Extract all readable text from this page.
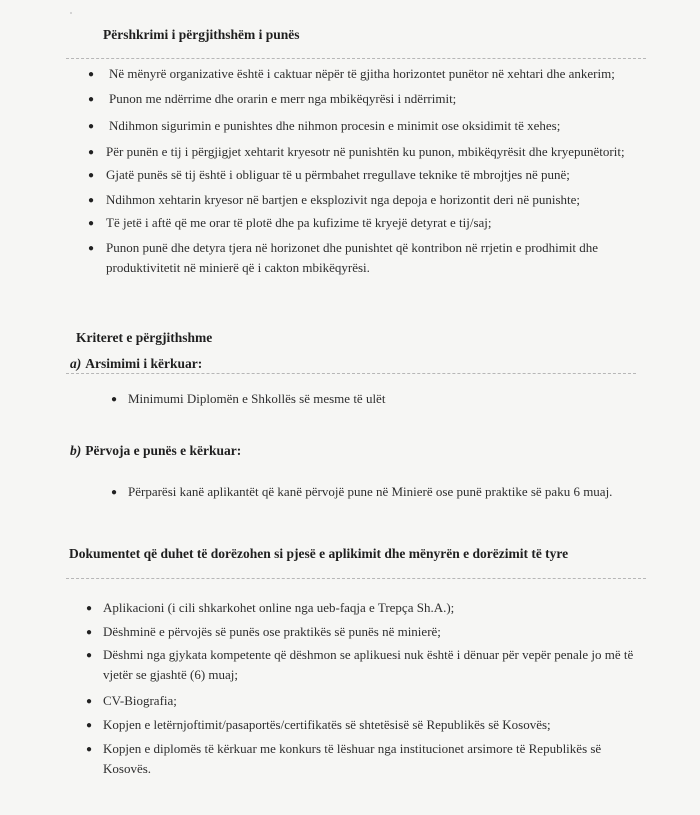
Përshkrimi i përgjithshëm i punës
● Në mënyrë organizative është i caktuar nëpër të gjitha horizontet punëtor në xehtari dhe ankerim;
● Punon me ndërrime dhe orarin e merr nga mbikëqyrësi i ndërrimit;
● Ndihmon sigurimin e punishtes dhe nihmon procesin e minimit ose oksidimit të xehes;
● Për punën e tij i përgjigjet xehtarit kryesotr në punishtën ku punon, mbikëqyrësit dhe kryepunëtorit;
● Gjatë punës së tij është i obliguar të u përmbahet rregullave teknike të mbrojtjes në punë;
● Ndihmon xehtarin kryesor në bartjen e eksplozivit nga depoja e horizontit deri në punishte;
● Të jetë i aftë që me orar të plotë dhe pa kufizime të kryejë detyrat e tij/saj;
● Punon punë dhe detyra tjera në horizonet dhe punishtet që kontribon në rrjetin e prodhimit dhe produktivitetit në minierë që i cakton mbikëqyrësi.
Kriteret e përgjithshme
a) Arsimimi i kërkuar:
● Minimumi Diplomën e Shkollës së mesme të ulët
b) Përvoja e punës e kërkuar:
● Përparësi kanë aplikantët që kanë përvojë pune në Minierë ose punë praktike së paku 6 muaj.
Dokumentet që duhet të dorëzohen si pjesë e aplikimit dhe mënyrën e dorëzimit të tyre
● Aplikacioni (i cili shkarkohet online nga ueb-faqja e Trepça Sh.A.);
● Dëshminë e përvojës së punës ose praktikës së punës në minierë;
● Dëshmi nga gjykata kompetente që dëshmon se aplikuesi nuk është i dënuar për vepër penale jo më të vjetër se gjashtë (6) muaj;
● CV-Biografia;
● Kopjen e letërnjoftimit/pasaportës/certifikatës së shtetësisë së Republikës së Kosovës;
● Kopjen e diplomës të kërkuar me konkurs të lëshuar nga institucionet arsimore të Republikës së Kosovës.
